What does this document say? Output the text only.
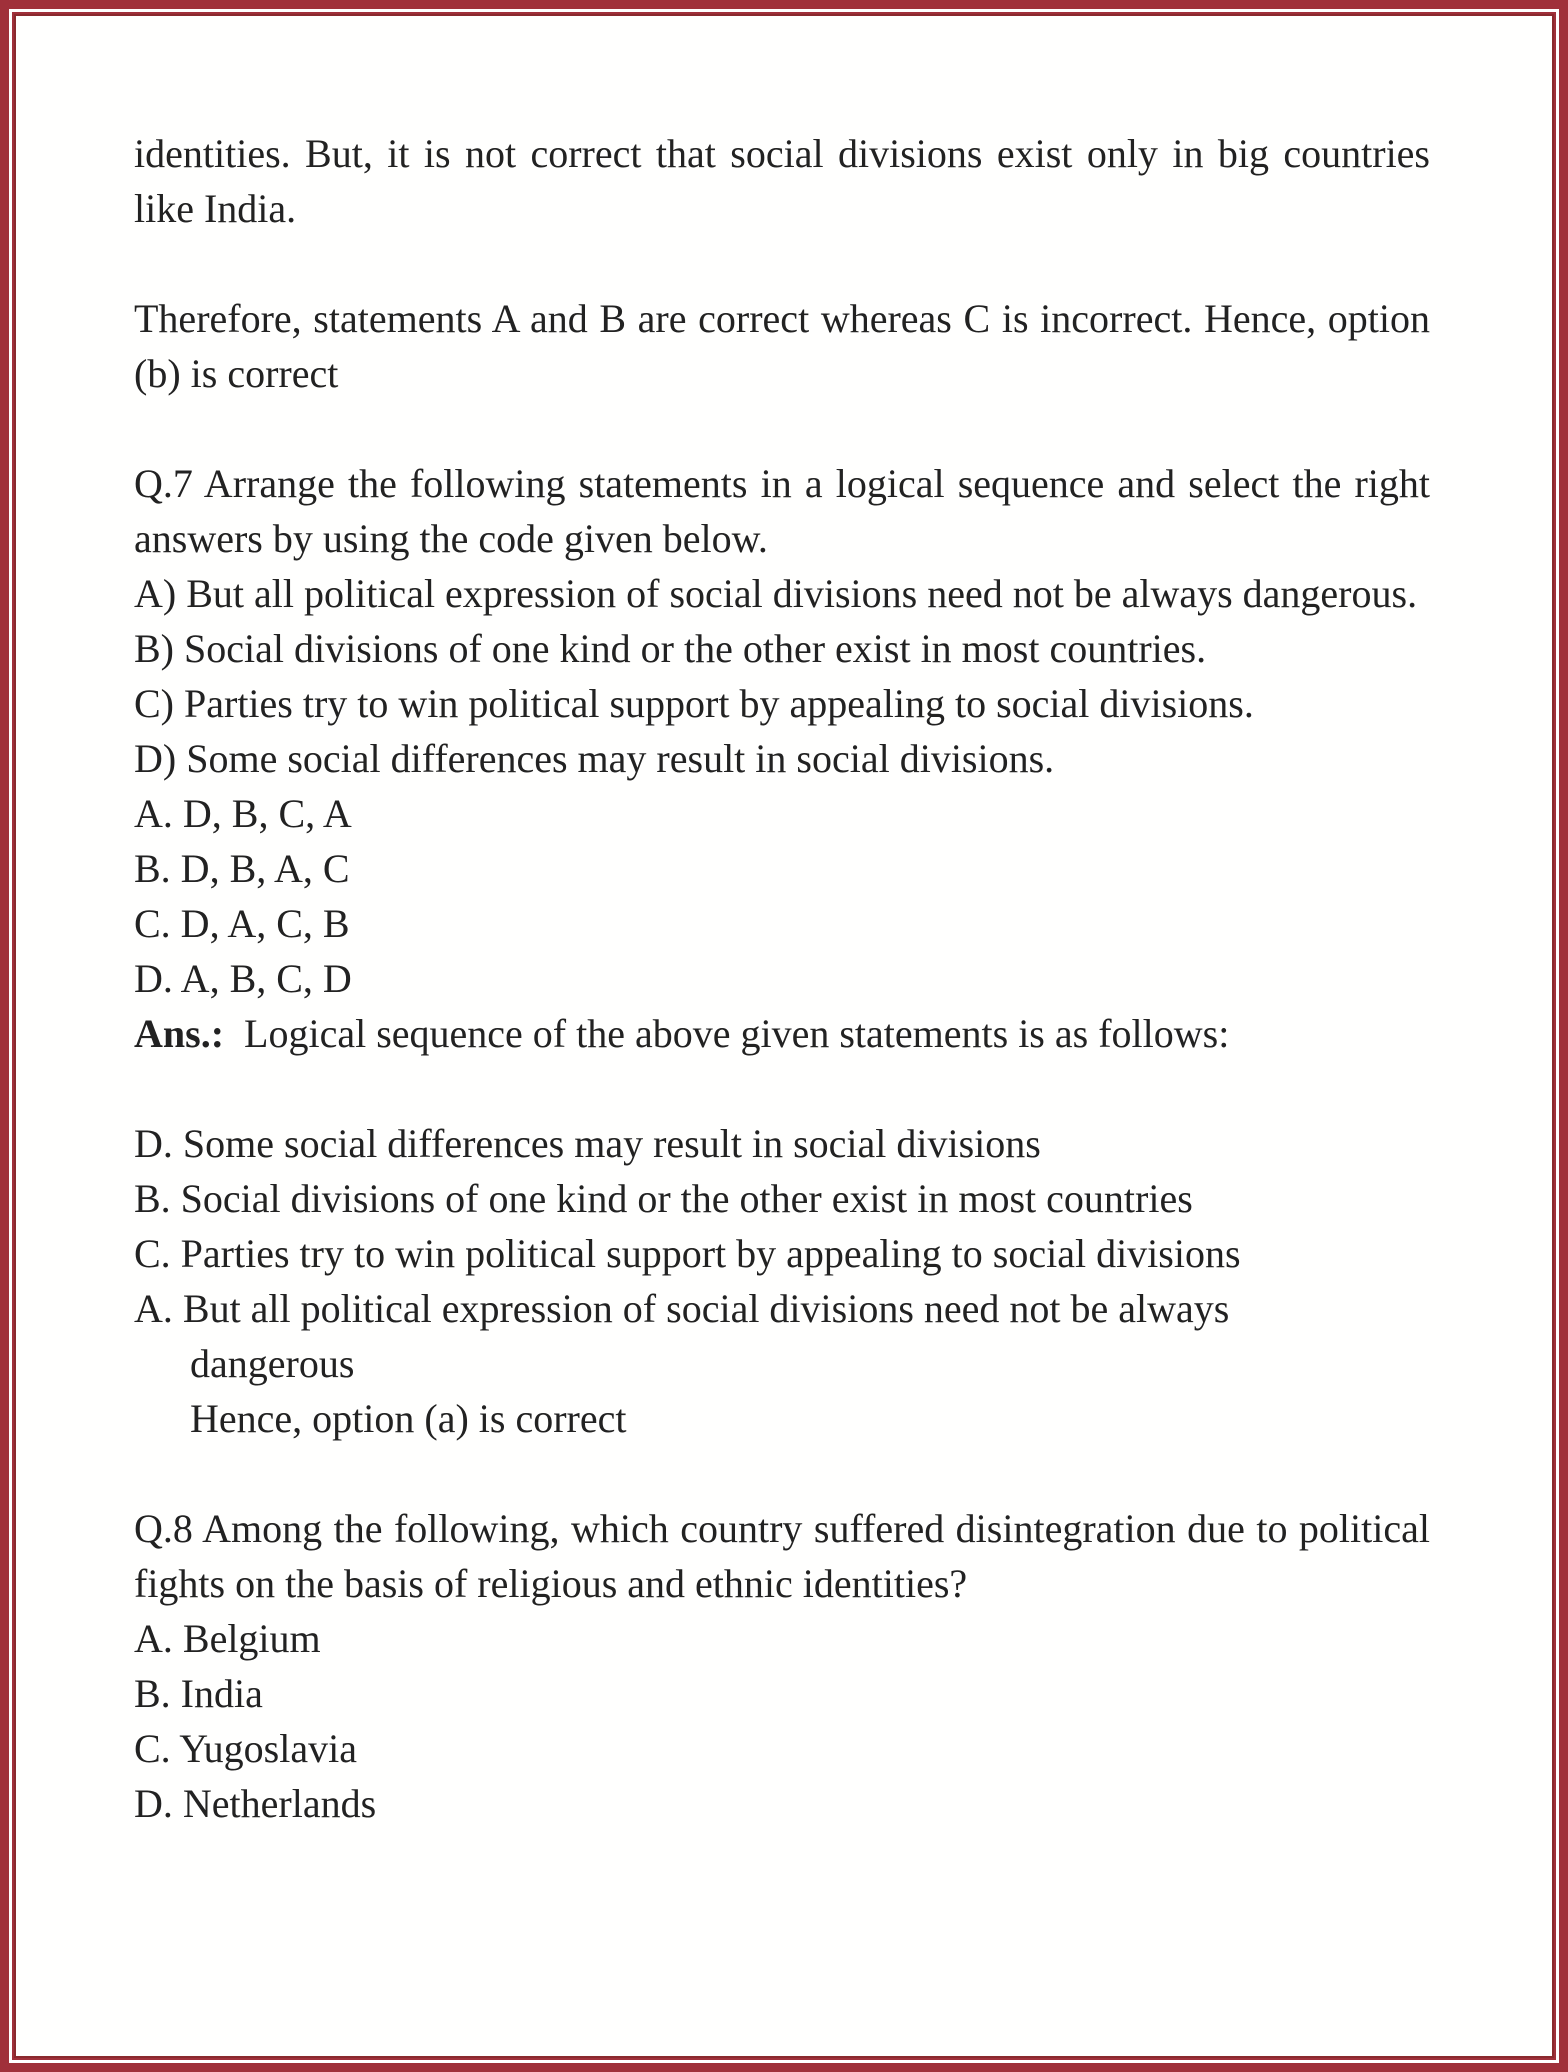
identities. But, it is not correct that social divisions exist only in big countries like India.

Therefore, statements A and B are correct whereas C is incorrect. Hence, option (b) is correct

Q.7 Arrange the following statements in a logical sequence and select the right answers by using the code given below.

A) But all political expression of social divisions need not be always dangerous.

B) Social divisions of one kind or the other exist in most countries.

C) Parties try to win political support by appealing to social divisions.

D) Some social differences may result in social divisions.

A. D, B, C, A

B. D, B, A, C

C. D, A, C, B

D. A, B, C, D

Ans.: Logical sequence of the above given statements is as follows:

D. Some social differences may result in social divisions

B. Social divisions of one kind or the other exist in most countries

C. Parties try to win political support by appealing to social divisions

A. But all political expression of social divisions need not be always

dangerous

Hence, option (a) is correct

Q.8 Among the following, which country suffered disintegration due to political fights on the basis of religious and ethnic identities?

A. Belgium

B. India

C. Yugoslavia

D. Netherlands
